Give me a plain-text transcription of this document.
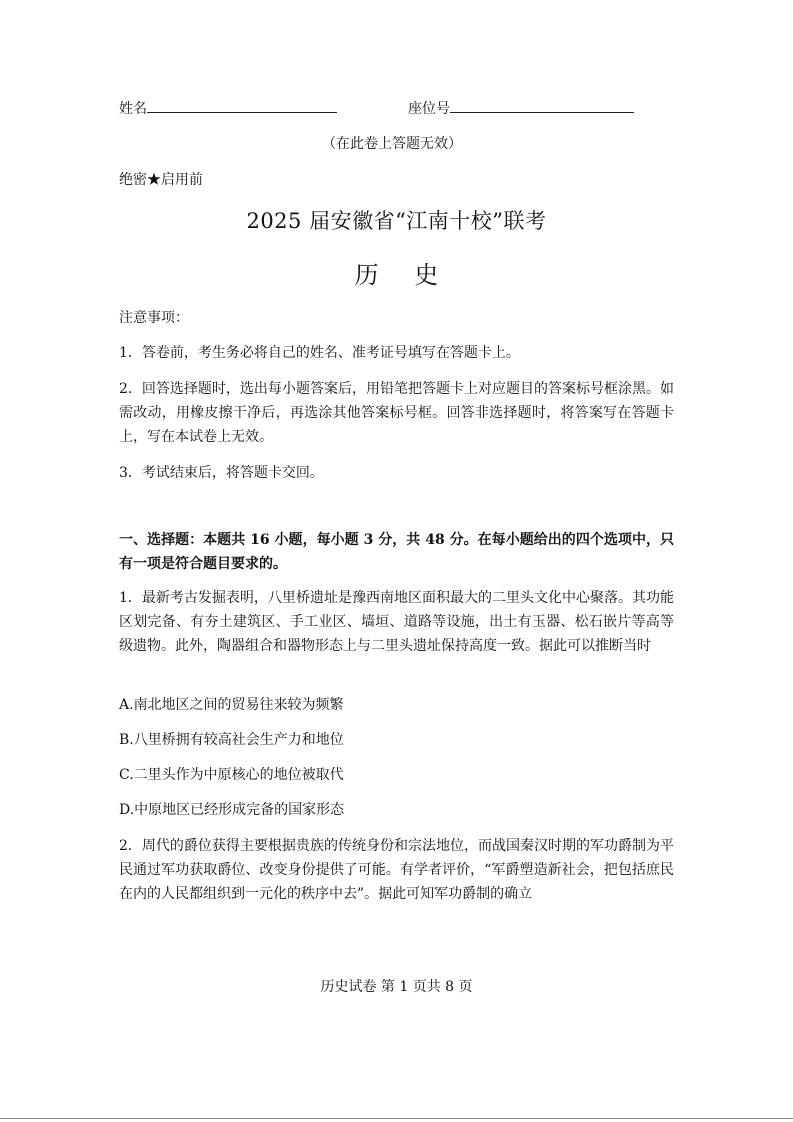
姓名	座位号
（在此卷上答题无效）
绝密★启用前
2025 届安徽省“江南十校”联考
历 史
注意事项：
1．答卷前，考生务必将自己的姓名、准考证号填写在答题卡上。
2．回答选择题时，选出每小题答案后，用铅笔把答题卡上对应题目的答案标号框涂黑。如需改动，用橡皮擦干净后，再选涂其他答案标号框。回答非选择题时，将答案写在答题卡上，写在本试卷上无效。
3．考试结束后，将答题卡交回。
一、选择题：本题共 16 小题，每小题 3 分，共 48 分。在每小题给出的四个选项中，只有一项是符合题目要求的。
1．最新考古发掘表明，八里桥遗址是豫西南地区面积最大的二里头文化中心聚落。其功能区划完备、有夯土建筑区、手工业区、墙垣、道路等设施，出土有玉器、松石嵌片等高等级遗物。此外，陶器组合和器物形态上与二里头遗址保持高度一致。据此可以推断当时
A.南北地区之间的贸易往来较为频繁
B.八里桥拥有较高社会生产力和地位
C.二里头作为中原核心的地位被取代
D.中原地区已经形成完备的国家形态
2．周代的爵位获得主要根据贵族的传统身份和宗法地位，而战国秦汉时期的军功爵制为平民通过军功获取爵位、改变身份提供了可能。有学者评价，“军爵塑造新社会，把包括庶民在内的人民都组织到一元化的秩序中去”。据此可知军功爵制的确立
历史试卷 第 1 页共 8 页
